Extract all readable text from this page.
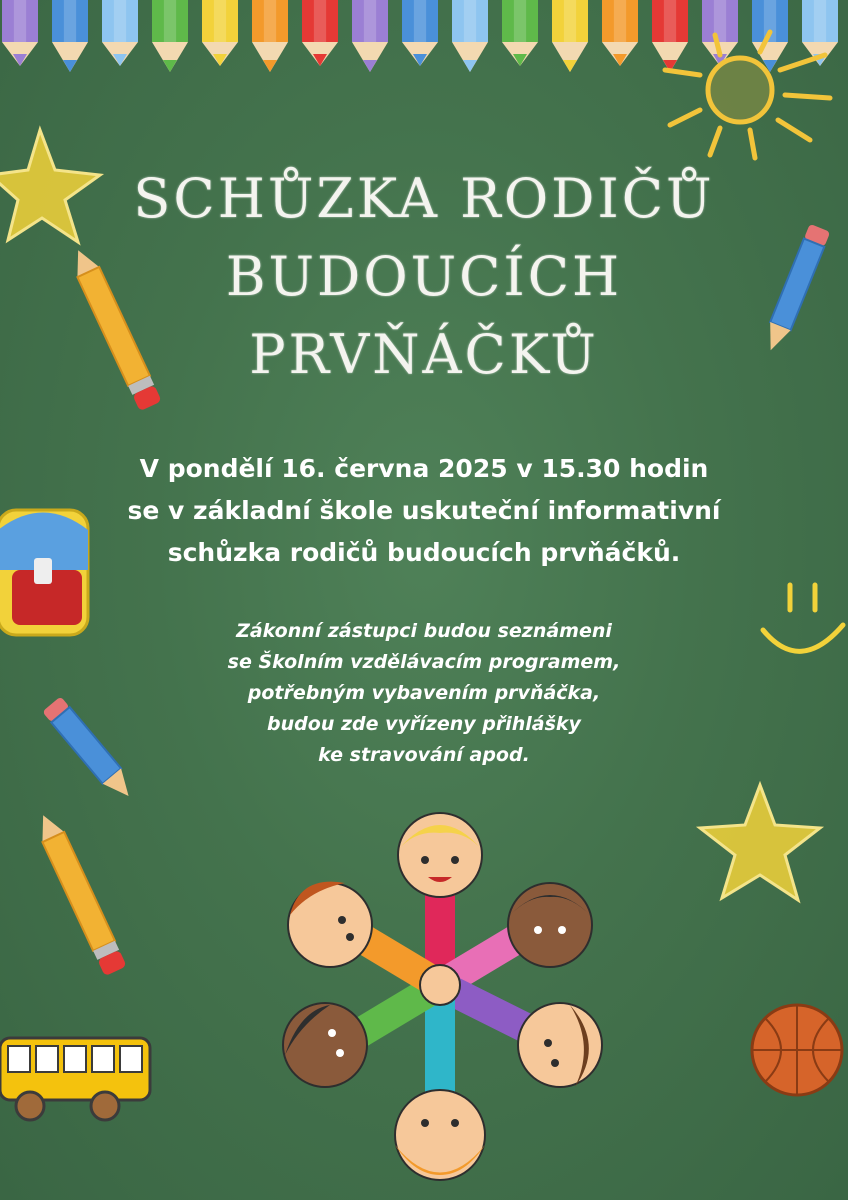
SCHŮZKA RODIČŮ
BUDOUCÍCH
PRVŇÁČKŮ
V pondělí 16. června 2025 v 15.30 hodin
se v základní škole uskuteční informativní
schůzka rodičů budoucích prvňáčků.
Zákonní zástupci budou seznámeni
se Školním vzdělávacím programem,
potřebným vybavením prvňáčka,
budou zde vyřízeny přihlášky
ke stravování apod.
